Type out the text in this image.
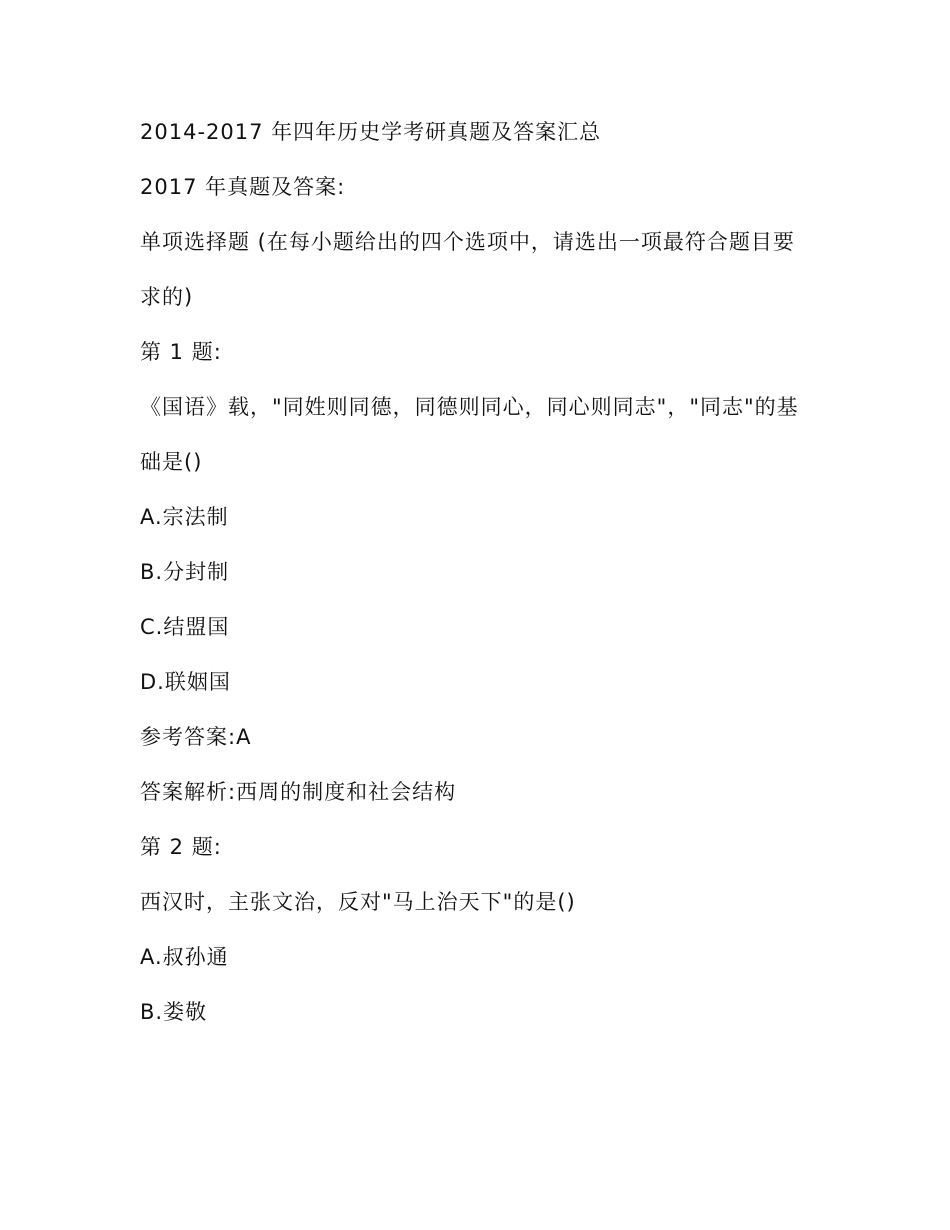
2014-2017 年四年历史学考研真题及答案汇总

2017 年真题及答案:

单项选择题 (在每小题给出的四个选项中，请选出一项最符合题目要

求的)

第 1 题:

《国语》载，"同姓则同德，同德则同心，同心则同志"，"同志"的基

础是()

A.宗法制

B.分封制

C.结盟国

D.联姻国

参考答案:A

答案解析:西周的制度和社会结构

第 2 题:

西汉时，主张文治，反对"马上治天下"的是()

A.叔孙通

B.娄敬
